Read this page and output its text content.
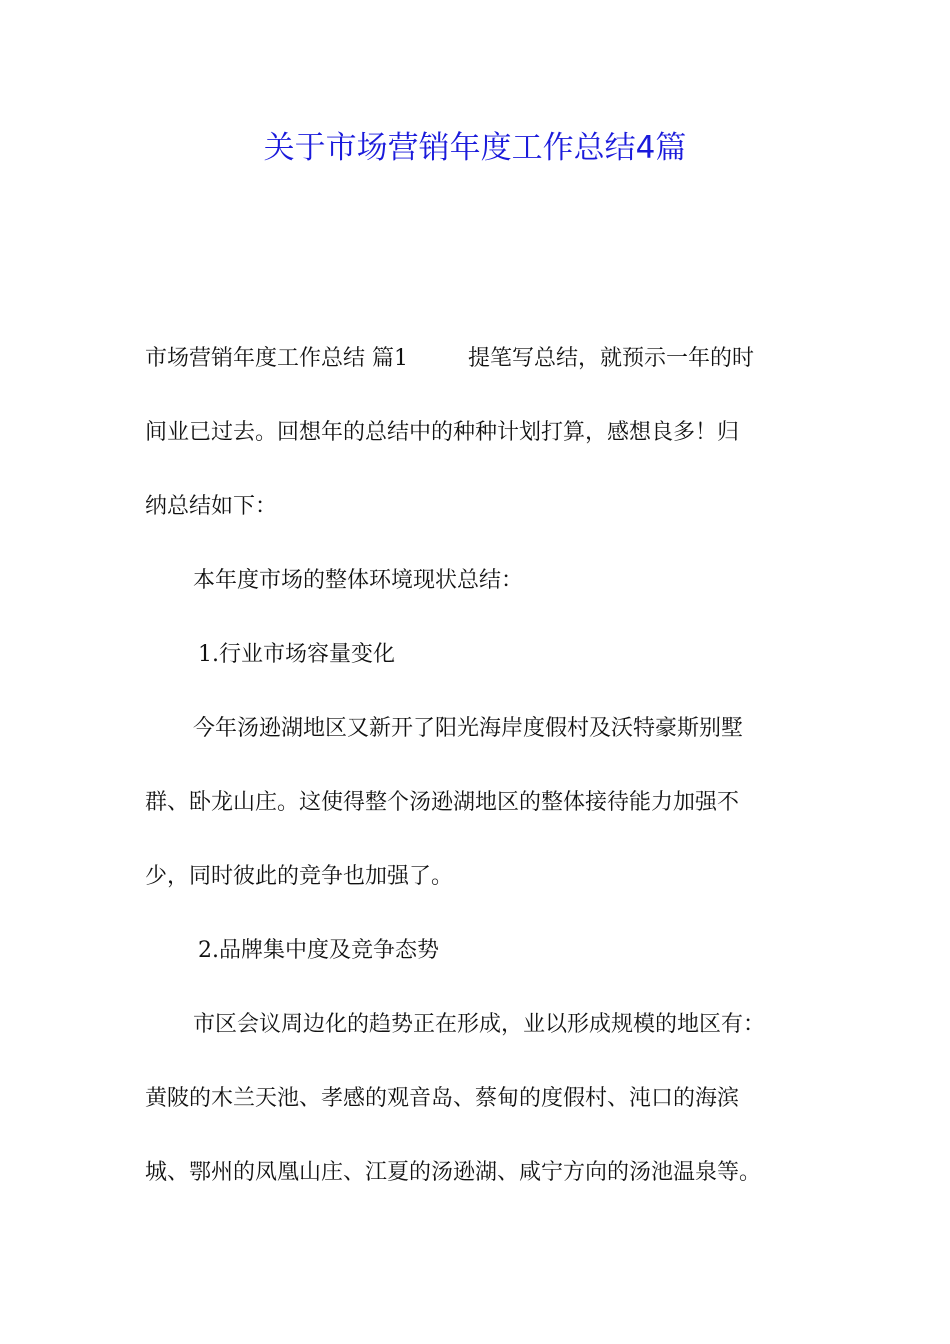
关于市场营销年度工作总结4篇
市场营销年度工作总结 篇1	提笔写总结，就预示一年的时
间业已过去。回想年的总结中的种种计划打算，感想良多！归
纳总结如下：
本年度市场的整体环境现状总结：
1.行业市场容量变化
今年汤逊湖地区又新开了阳光海岸度假村及沃特豪斯别墅
群、卧龙山庄。这使得整个汤逊湖地区的整体接待能力加强不
少，同时彼此的竞争也加强了。
2.品牌集中度及竞争态势
市区会议周边化的趋势正在形成，业以形成规模的地区有：
黄陂的木兰天池、孝感的观音岛、蔡甸的度假村、沌口的海滨
城、鄂州的凤凰山庄、江夏的汤逊湖、咸宁方向的汤池温泉等。
